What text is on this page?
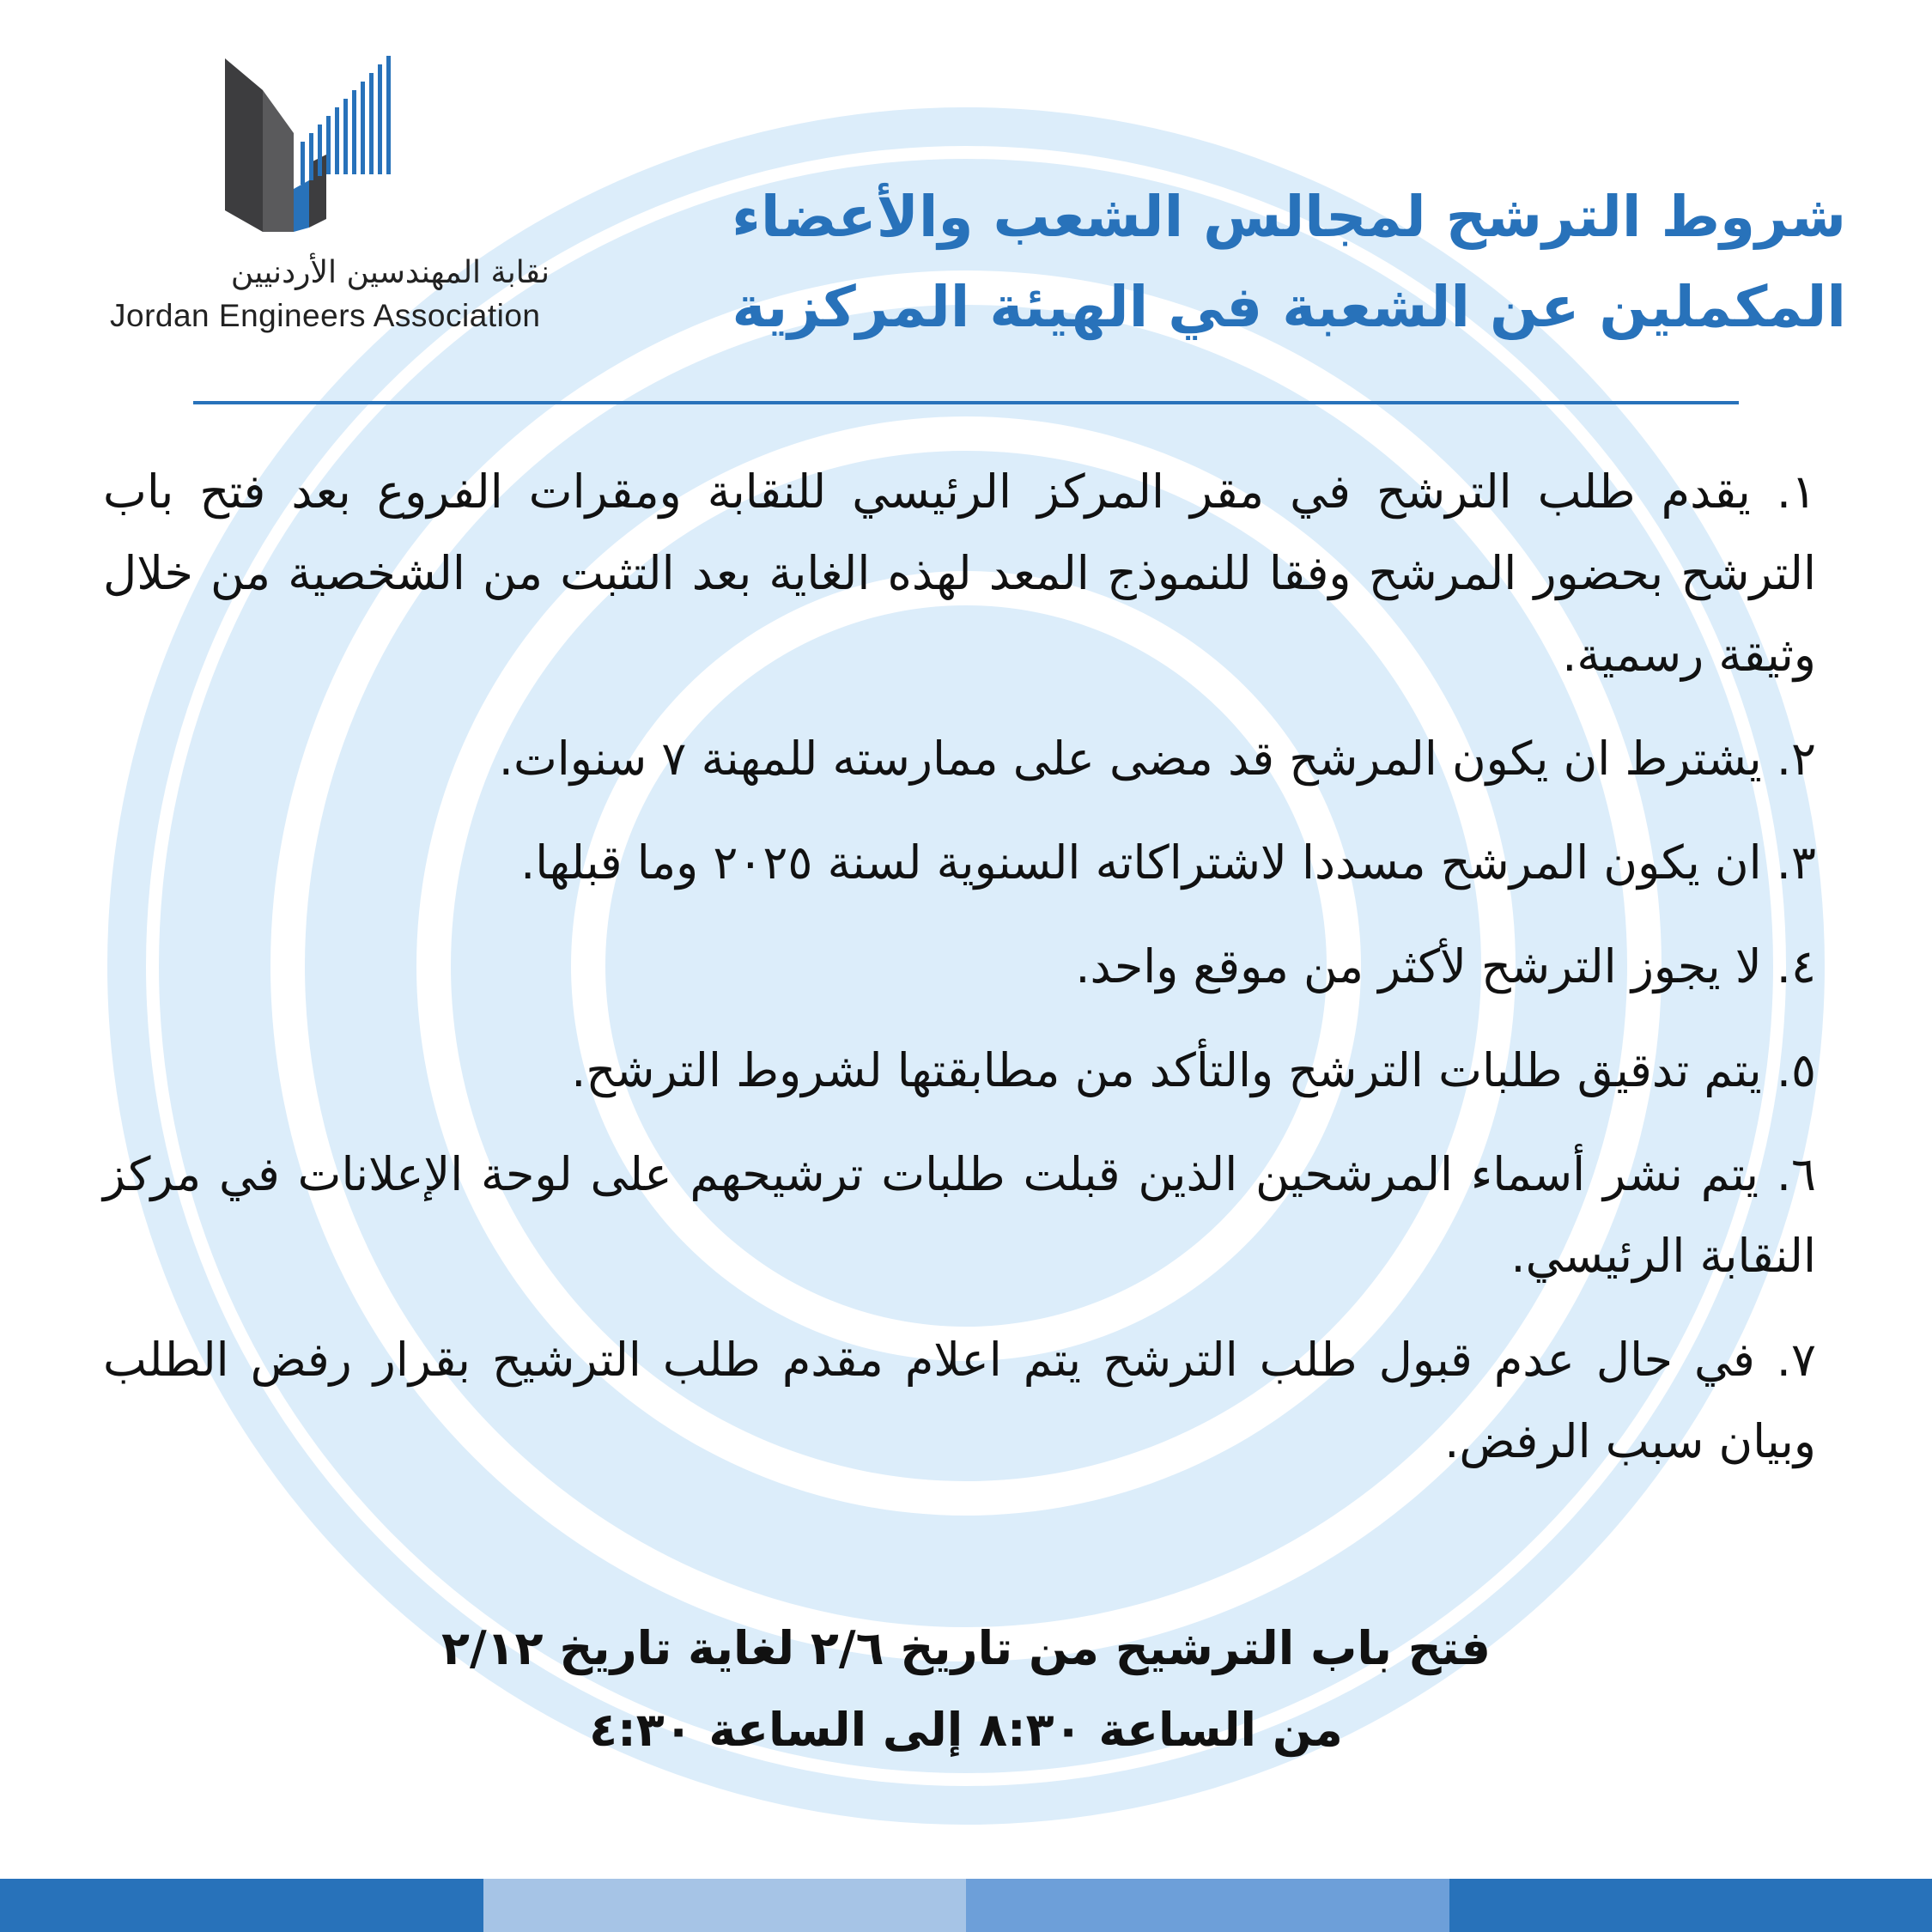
نقابة المهندسين الأردنيين
Jordan Engineers Association
شروط الترشح لمجالس الشعب والأعضاء
المكملين عن الشعبة في الهيئة المركزية
١. يقدم طلب الترشح في مقر المركز الرئيسي للنقابة ومقرات الفروع بعد فتح باب الترشح بحضور المرشح وفقا للنموذج المعد لهذه الغاية بعد التثبت من الشخصية من خلال وثيقة رسمية.
٢. يشترط ان يكون المرشح قد مضى على ممارسته للمهنة ٧ سنوات.
٣. ان يكون المرشح مسددا لاشتراكاته السنوية لسنة ٢٠٢٥ وما قبلها.
٤. لا يجوز الترشح لأكثر من موقع واحد.
٥. يتم تدقيق طلبات الترشح والتأكد من مطابقتها لشروط الترشح.
٦. يتم نشر أسماء المرشحين الذين قبلت طلبات ترشيحهم على لوحة الإعلانات في مركز النقابة الرئيسي.
٧. في حال عدم قبول طلب الترشح يتم اعلام مقدم طلب الترشيح بقرار رفض الطلب وبيان سبب الرفض.
فتح باب الترشيح من تاريخ ٢/٦ لغاية تاريخ ٢/١٢
من الساعة ٨:٣٠ إلى الساعة ٤:٣٠
